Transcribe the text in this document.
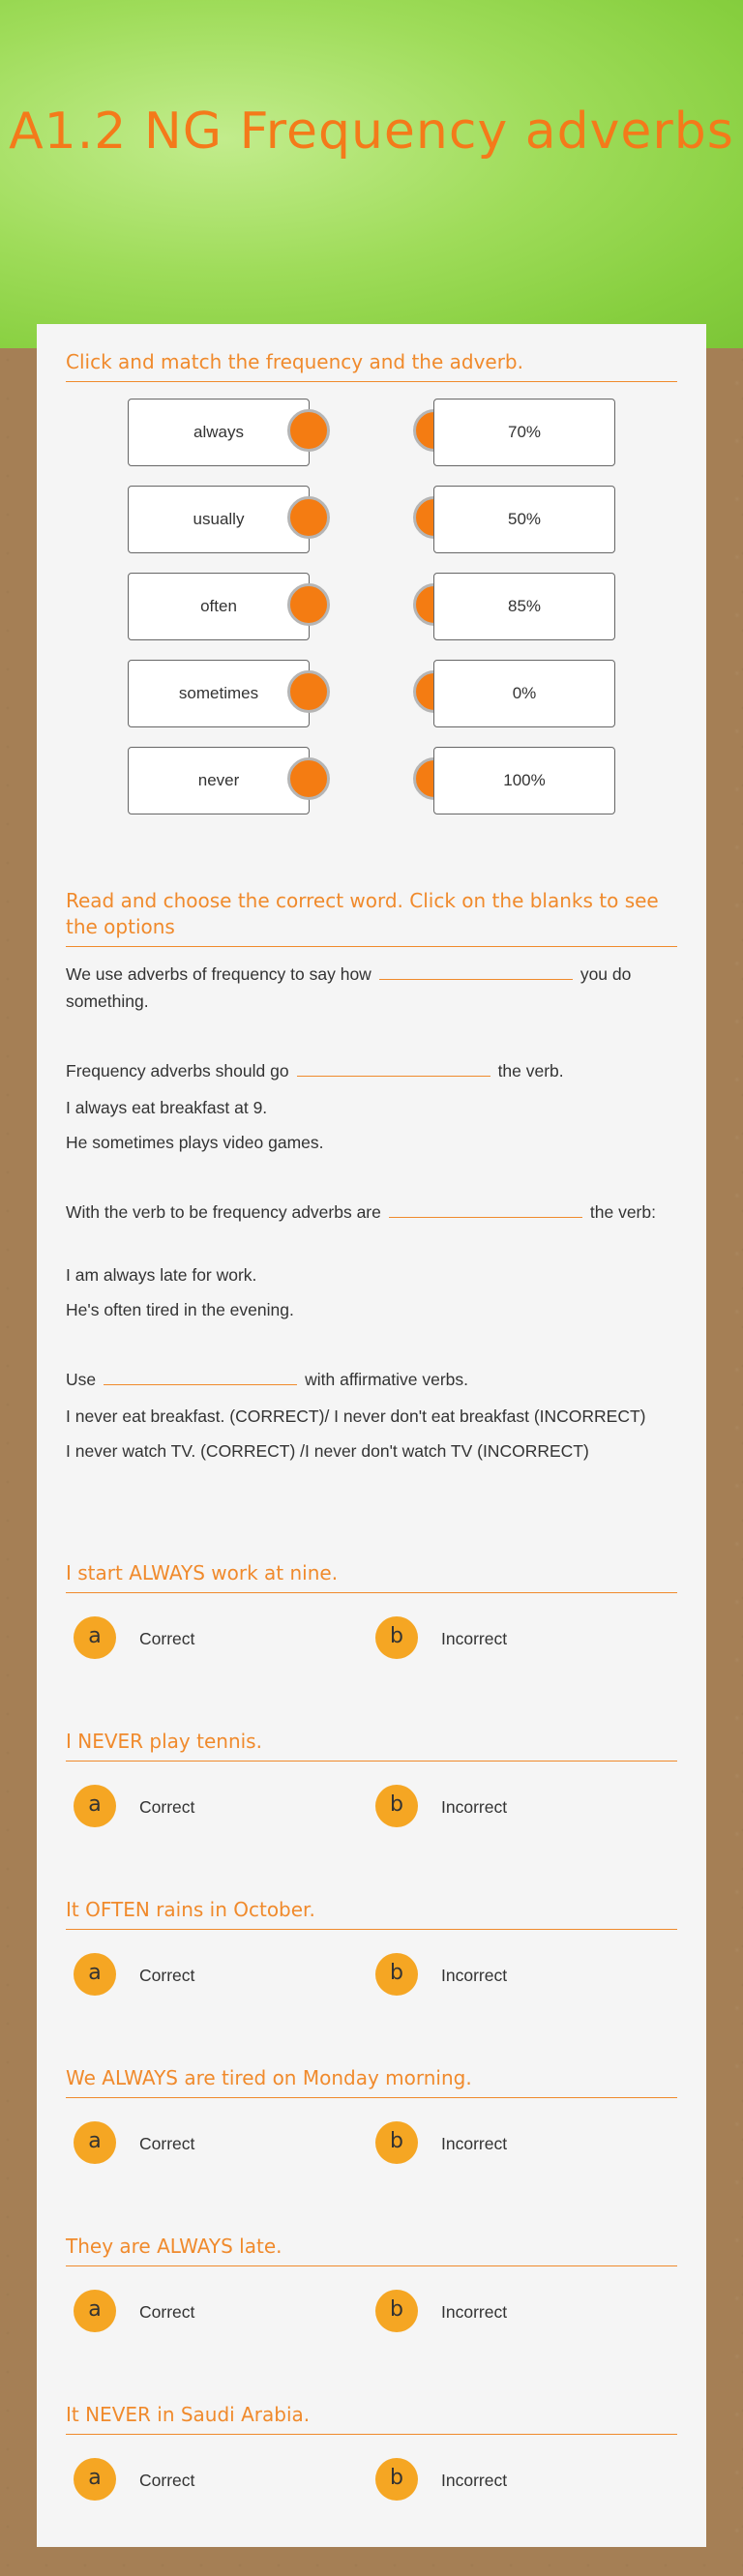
A1.2 NG Frequency adverbs
Click and match the frequency and the adverb.
always	70%
usually	50%
often	85%
sometimes	0%
never	100%
Read and choose the correct word. Click on the blanks to see the options
We use adverbs of frequency to say how	you do something.
Frequency adverbs should go	the verb.
I always eat breakfast at 9.
He sometimes plays video games.
With the verb to be frequency adverbs are	the verb:
I am always late for work.
He's often tired in the evening.
Use	with affirmative verbs.
I never eat breakfast. (CORRECT)/ I never don't eat breakfast (INCORRECT)
I never watch TV. (CORRECT) /I never don't watch TV (INCORRECT)
I start ALWAYS work at nine.
a	Correct	b	Incorrect
I NEVER play tennis.
a	Correct	b	Incorrect
It OFTEN rains in October.
a	Correct	b	Incorrect
We ALWAYS are tired on Monday morning.
a	Correct	b	Incorrect
They are ALWAYS late.
a	Correct	b	Incorrect
It NEVER in Saudi Arabia.
a	Correct	b	Incorrect
